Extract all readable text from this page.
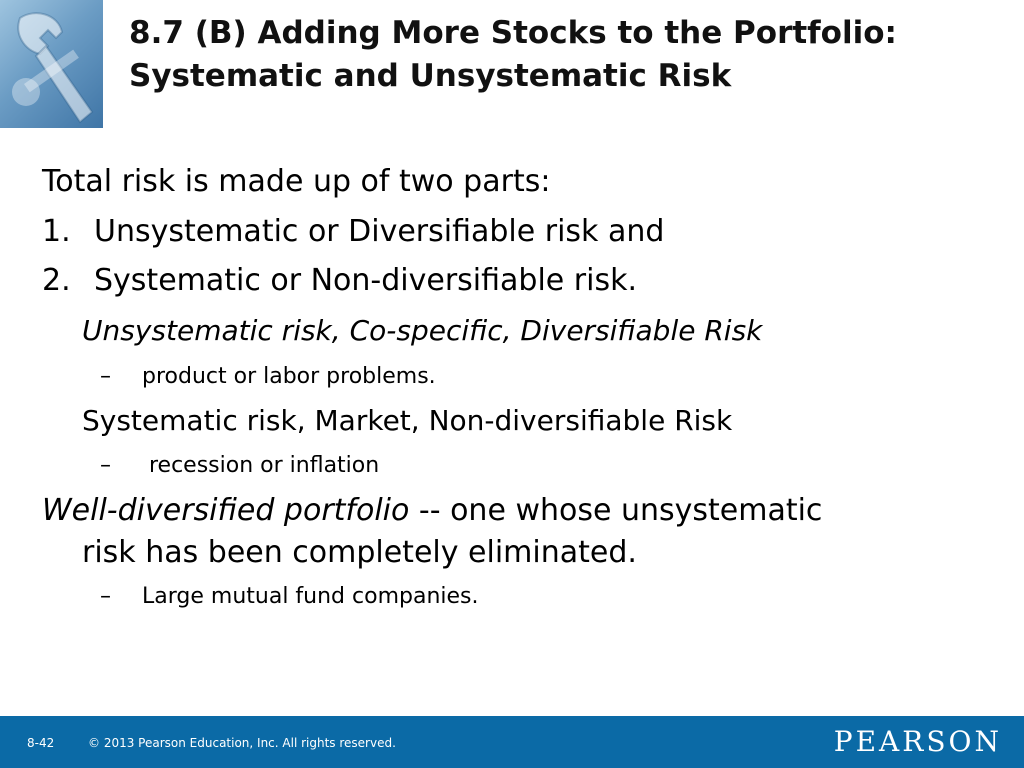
8.7 (B) Adding More Stocks to the Portfolio: Systematic and Unsystematic Risk
Total risk is made up of two parts:
1. Unsystematic or Diversifiable risk and
2. Systematic or Non-diversifiable risk.
Unsystematic risk, Co-specific, Diversifiable Risk
– product or labor problems.
Systematic risk, Market, Non-diversifiable Risk
– recession or inflation
Well-diversified portfolio -- one whose unsystematic
risk has been completely eliminated.
– Large mutual fund companies.
8-42	© 2013 Pearson Education, Inc. All rights reserved.	PEARSON
